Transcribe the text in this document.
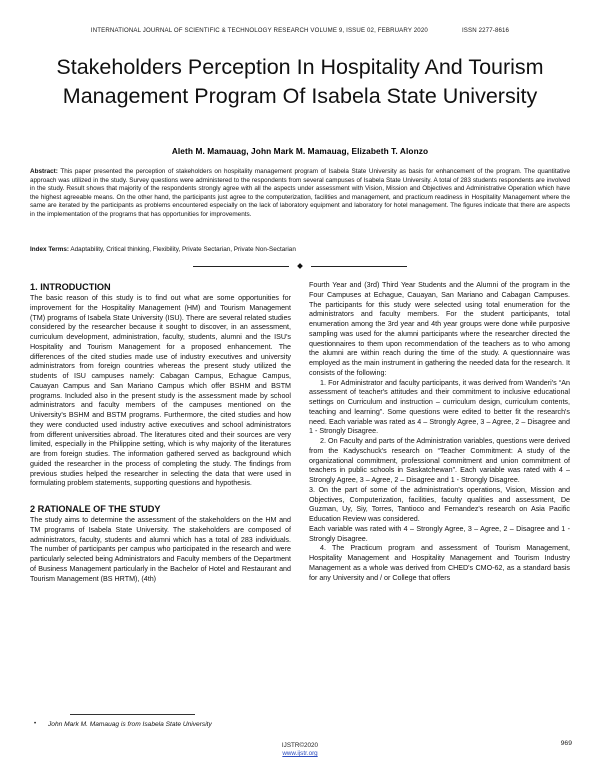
INTERNATIONAL JOURNAL OF SCIENTIFIC & TECHNOLOGY RESEARCH VOLUME 9, ISSUE 02, FEBRUARY 2020	ISSN 2277-8616
Stakeholders Perception In Hospitality And Tourism Management Program Of Isabela State University
Aleth M. Mamauag, John Mark M. Mamauag, Elizabeth T. Alonzo
Abstract: This paper presented the perception of stakeholders on hospitality management program of Isabela State University as basis for enhancement of the program. The quantitative approach was utilized in the study. Survey questions were administered to the respondents from several campuses of Isabela State University. A total of 283 students respondents are involved in the study. Result shows that majority of the respondents strongly agree with all the aspects under assessment with Vision, Mission and Objectives and Administrative Operation which have the highest agreeable means. On the other hand, the participants just agree to the computerization, facilities and management, and practicum readiness in Hospitality Management where the same are iterated by the participants as problems encountered especially on the lack of laboratory equipment and laboratory for hotel management. The figures indicate that there are aspects in the implementation of the programs that has opportunities for improvements.
Index Terms: Adaptability, Critical thinking, Flexibility, Private Sectarian, Private Non-Sectarian
1. INTRODUCTION

The basic reason of this study is to find out what are some opportunities for improvement for the Hospitality Management (HM) and Tourism Management (TM) programs of Isabela State University (ISU). There are several related studies considered by the researcher because it sought to discover, in an assessment, curriculum development, administration, faculty, students, alumni and the ISU's Hospitality and Tourism Management for a proposed enhancement. The differences of the cited studies made use of industry executives and university administrators from foreign countries whereas the present study utilized the students of ISU campuses namely: Cabagan Campus, Echague Campus, Cauayan Campus and San Mariano Campus which offer BSHM and BSTM programs. Included also in the present study is the assessment made by school administrators and faculty members of the campuses mentioned on the University's BSHM and BSTM programs. Furthermore, the cited studies and how they were conducted used industry active executives and school administrators from different universities abroad. The literatures cited and their sources are very limited, especially in the Philippine setting, which is why majority of the literatures are from foreign studies. The information gathered served as background which guided the researcher in the process of completing the study. The findings from previous studies helped the researcher in selecting the data that were used in formulating problem statements, supporting questions and hypothesis.

2 RATIONALE OF THE STUDY

The study aims to determine the assessment of the stakeholders on the HM and TM programs of Isabela State University. The stakeholders are composed of administrators, faculty, students and alumni which has a total of 283 individuals. The number of participants per campus who participated in the research and were particularly selected being Administrators and Faculty members of the Department of Business Management particularly in the Bachelor of Hotel and Restaurant and Tourism Management (BS HRTM), (4th)

Fourth Year and (3rd) Third Year Students and the Alumni of the program in the Four Campuses at Echague, Cauayan, San Mariano and Cabagan Campuses. The participants for this study were selected using total enumeration for the administrators and faculty members. For the student participants, total enumeration among the 3rd year and 4th year groups were done while purposive sampling was used for the alumni participants where the researcher directed the questionnaires to them upon recommendation of the teachers as to who among the alumni are within reach during the time of the study. A questionnaire was employed as the main instrument in gathering the needed data for the research. It consists of the following:

1. For Administrator and faculty participants, it was derived from Wanderi's “An assessment of teacher's attitudes and their commitment to inclusive educational settings on Curriculum and instruction – curriculum design, curriculum contents, teaching and learning”. Some questions were edited to better fit the research's need. Each variable was rated as 4 – Strongly Agree, 3 – Agree, 2 – Disagree and 1 - Strongly Disagree.

2. On Faculty and parts of the Administration variables, questions were derived from the Kadyschuck's research on “Teacher Commitment: A study of the organizational commitment, professional commitment and union commitment of teachers in public schools in Saskatchewan”. Each variable was rated with 4 – Strongly Agree, 3 – Agree, 2 – Disagree and 1 - Strongly Disagree.

3. On the part of some of the administration's operations, Vision, Mission and Objectives, Computerization, facilities, faculty qualities and assessment, De Guzman, Uy, Siy, Torres, Tantioco and Fernandez's research on Asia Pacific Education Review was considered.

Each variable was rated with 4 – Strongly Agree, 3 – Agree, 2 – Disagree and 1 - Strongly Disagree.

4. The Practicum program and assessment of Tourism Management, Hospitality Management and Hospitality Management and Tourism Industry Management as a whole was derived from CHED's CMO-62, as a standard basis for any University and / or College that offers

•	John Mark M. Mamauag is from Isabela State University
IJSTR©2020
www.ijstr.org
969
